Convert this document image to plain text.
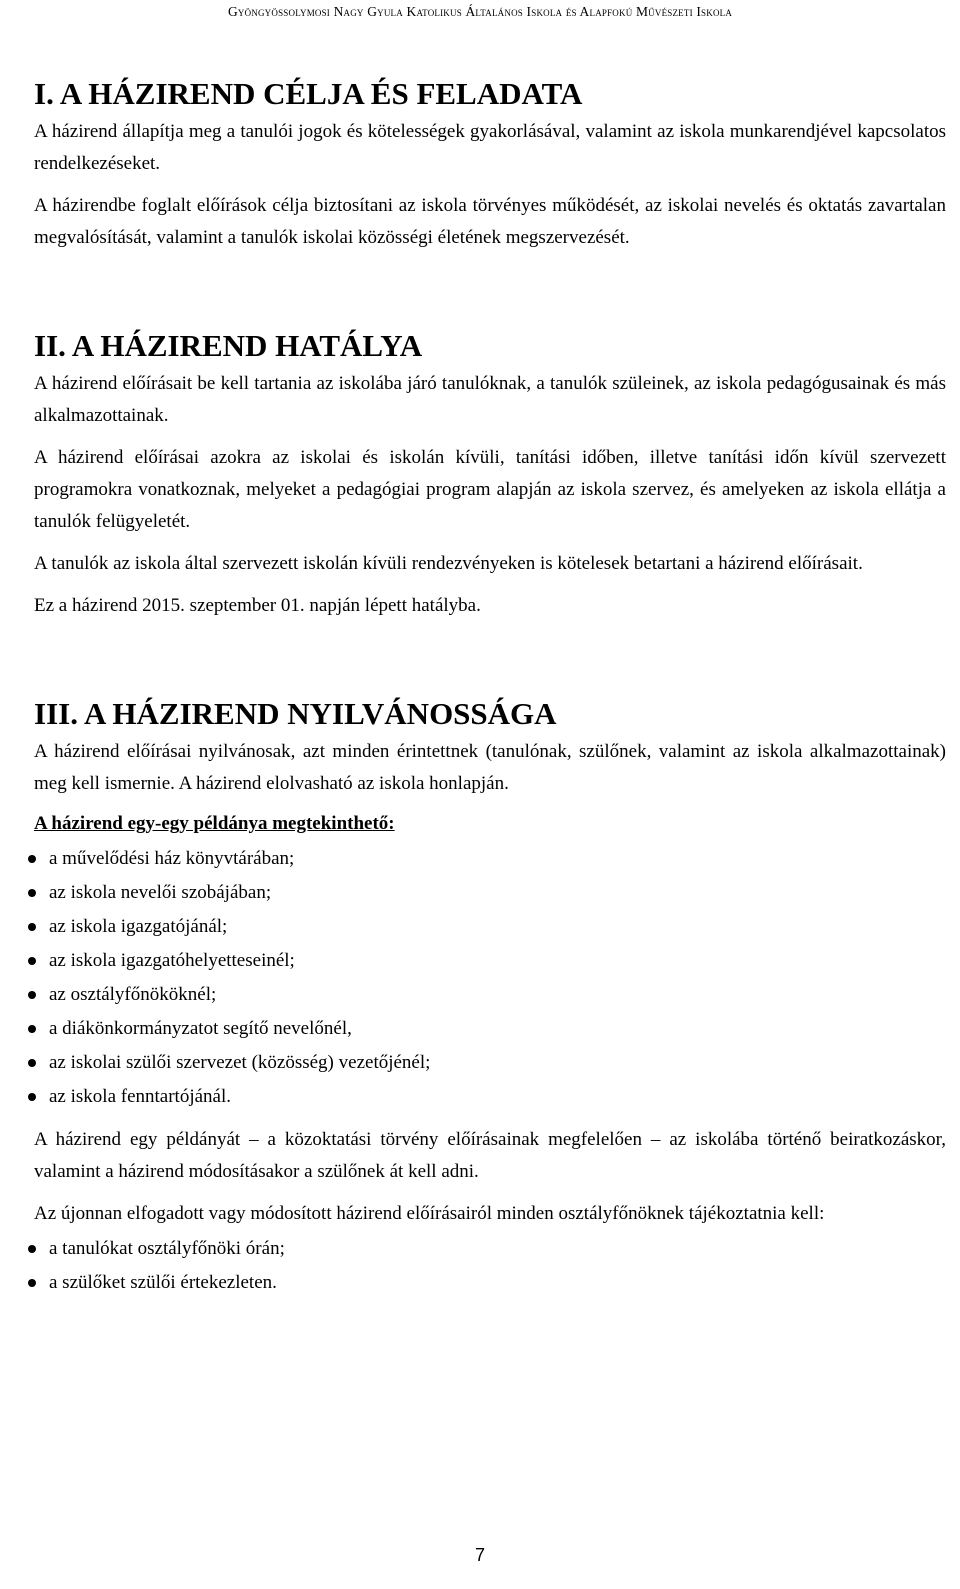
Gyöngyössolymosi Nagy Gyula Katolikus Általános Iskola és Alapfokú Művészeti Iskola
I. A HÁZIREND CÉLJA ÉS FELADATA

A házirend állapítja meg a tanulói jogok és kötelességek gyakorlásával, valamint az iskola munkarendjével kapcsolatos rendelkezéseket.

A házirendbe foglalt előírások célja biztosítani az iskola törvényes működését, az iskolai nevelés és oktatás zavartalan megvalósítását, valamint a tanulók iskolai közösségi életének megszervezését.

II. A HÁZIREND HATÁLYA

A házirend előírásait be kell tartania az iskolába járó tanulóknak, a tanulók szüleinek, az iskola pedagógusainak és más alkalmazottainak.

A házirend előírásai azokra az iskolai és iskolán kívüli, tanítási időben, illetve tanítási időn kívül szervezett programokra vonatkoznak, melyeket a pedagógiai program alapján az iskola szervez, és amelyeken az iskola ellátja a tanulók felügyeletét.

A tanulók az iskola által szervezett iskolán kívüli rendezvényeken is kötelesek betartani a házirend előírásait.

Ez a házirend 2015. szeptember 01. napján lépett hatályba.

III. A HÁZIREND NYILVÁNOSSÁGA

A házirend előírásai nyilvánosak, azt minden érintettnek (tanulónak, szülőnek, valamint az iskola alkalmazottainak) meg kell ismernie. A házirend elolvasható az iskola honlapján.

A házirend egy-egy példánya megtekinthető:
a művelődési ház könyvtárában;
az iskola nevelői szobájában;
az iskola igazgatójánál;
az iskola igazgatóhelyetteseinél;
az osztályfőnököknél;
a diákönkormányzatot segítő nevelőnél,
az iskolai szülői szervezet (közösség) vezetőjénél;
az iskola fenntartójánál.

A házirend egy példányát – a közoktatási törvény előírásainak megfelelően – az iskolába történő beiratkozáskor, valamint a házirend módosításakor a szülőnek át kell adni.

Az újonnan elfogadott vagy módosított házirend előírásairól minden osztályfőnöknek tájékoztatnia kell:

a tanulókat osztályfőnöki órán;
a szülőket szülői értekezleten.
7
